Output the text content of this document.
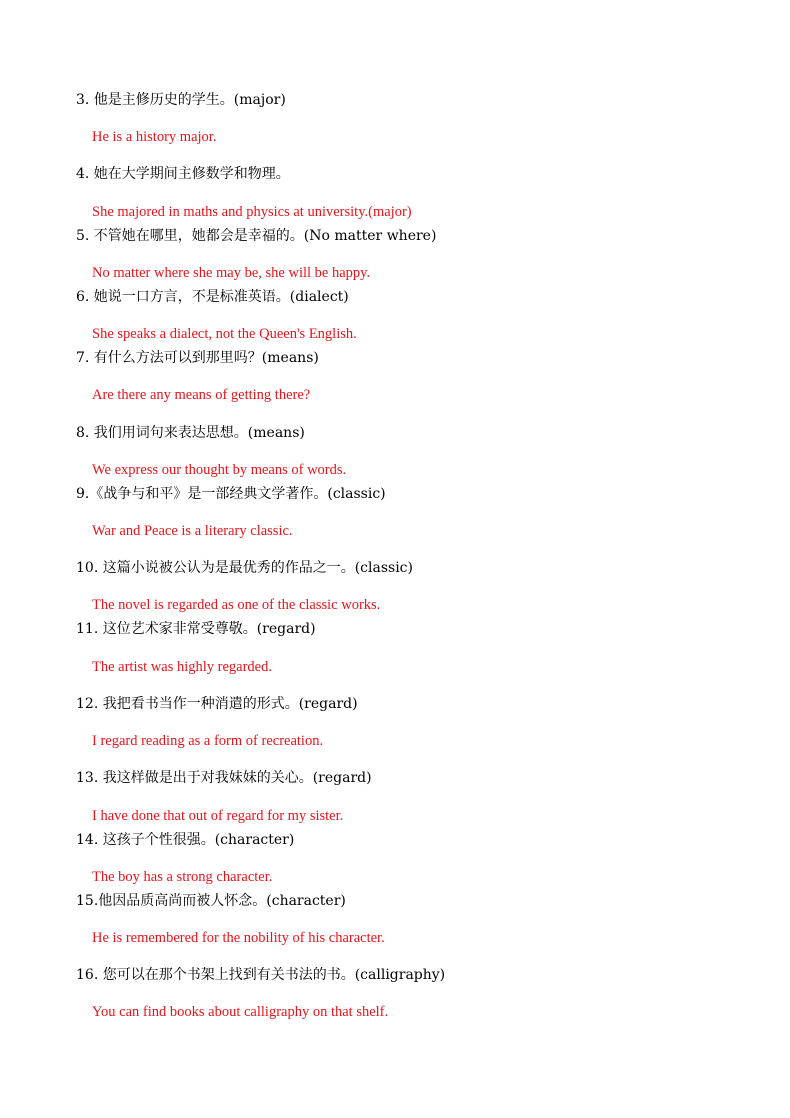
3. 他是主修历史的学生。(major)
He is a history major.
4. 她在大学期间主修数学和物理。
She majored in maths and physics at university.(major)
5. 不管她在哪里，她都会是幸福的。(No matter where)
No matter where she may be, she will be happy.
6. 她说一口方言，不是标准英语。(dialect)
She speaks a dialect, not the Queen's English.
7. 有什么方法可以到那里吗？(means)
Are there any means of getting there?
8. 我们用词句来表达思想。(means)
We express our thought by means of words.
9.《战争与和平》是一部经典文学著作。(classic)
War and Peace is a literary classic.
10. 这篇小说被公认为是最优秀的作品之一。(classic)
The novel is regarded as one of the classic works.
11. 这位艺术家非常受尊敬。(regard)
The artist was highly regarded.
12. 我把看书当作一种消遣的形式。(regard)
I regard reading as a form of recreation.
13. 我这样做是出于对我妹妹的关心。(regard)
I have done that out of regard for my sister.
14. 这孩子个性很强。(character)
The boy has a strong character.
15.他因品质高尚而被人怀念。(character)
He is remembered for the nobility of his character.
16. 您可以在那个书架上找到有关书法的书。(calligraphy)
You can find books about calligraphy on that shelf.
